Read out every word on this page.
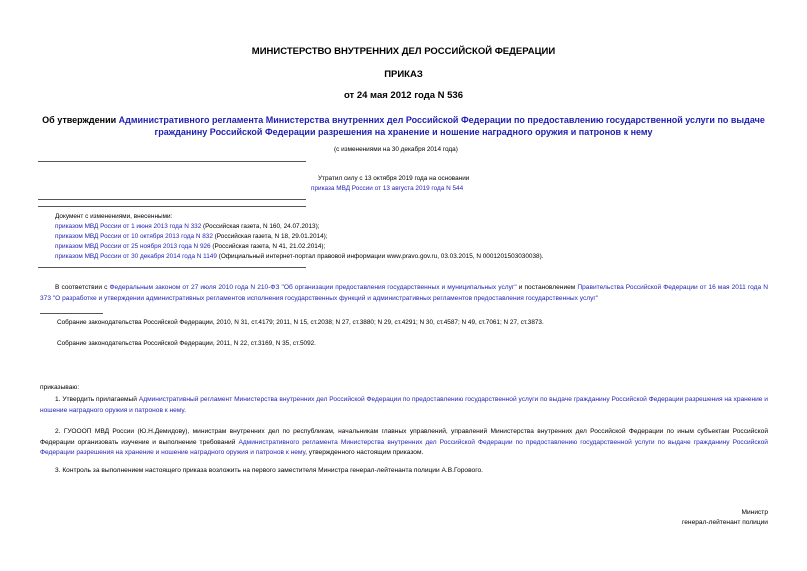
МИНИСТЕРСТВО ВНУТРЕННИХ ДЕЛ РОССИЙСКОЙ ФЕДЕРАЦИИ
ПРИКАЗ
от 24 мая 2012 года N 536
Об утверждении Административного регламента Министерства внутренних дел Российской Федерации по предоставлению государственной услуги по выдаче гражданину Российской Федерации разрешения на хранение и ношение наградного оружия и патронов к нему
(с изменениями на 30 декабря 2014 года)
Утратил силу с 13 октября 2019 года на основании
приказа МВД России от 13 августа 2019 года N 544
Документ с изменениями, внесенными:
приказом МВД России от 1 июня 2013 года N 332 (Российская газета, N 160, 24.07.2013);
приказом МВД России от 10 октября 2013 года N 832 (Российская газета, N 18, 29.01.2014);
приказом МВД России от 25 ноября 2013 года N 926 (Российская газета, N 41, 21.02.2014);
приказом МВД России от 30 декабря 2014 года N 1149 (Официальный интернет-портал правовой информации www.pravo.gov.ru, 03.03.2015, N 0001201503030038).
В соответствии с Федеральным законом от 27 июля 2010 года N 210-ФЗ "Об организации предоставления государственных и муниципальных услуг" и постановлением Правительства Российской Федерации от 16 мая 2011 года N 373 "О разработке и утверждении административных регламентов исполнения государственных функций и административных регламентов предоставления государственных услуг"
Собрание законодательства Российской Федерации, 2010, N 31, ст.4179; 2011, N 15, ст.2038; N 27, ст.3880; N 29, ст.4291; N 30, ст.4587; N 49, ст.7061; N 27, ст.3873.
Собрание законодательства Российской Федерации, 2011, N 22, ст.3169, N 35, ст.5092.
приказываю:
1. Утвердить прилагаемый Административный регламент Министерства внутренних дел Российской Федерации по предоставлению государственной услуги по выдаче гражданину Российской Федерации разрешения на хранение и ношение наградного оружия и патронов к нему.
2. ГУОООП МВД России (Ю.Н.Демидову), министрам внутренних дел по республикам, начальникам главных управлений, управлений Министерства внутренних дел Российской Федерации по иным субъектам Российской Федерации организовать изучение и выполнение требований Административного регламента Министерства внутренних дел Российской Федерации по предоставлению государственной услуги по выдаче гражданину Российской Федерации разрешения на хранение и ношение наградного оружия и патронов к нему, утвержденного настоящим приказом.
3. Контроль за выполнением настоящего приказа возложить на первого заместителя Министра генерал-лейтенанта полиции А.В.Горового.
Министр
генерал-лейтенант полиции
